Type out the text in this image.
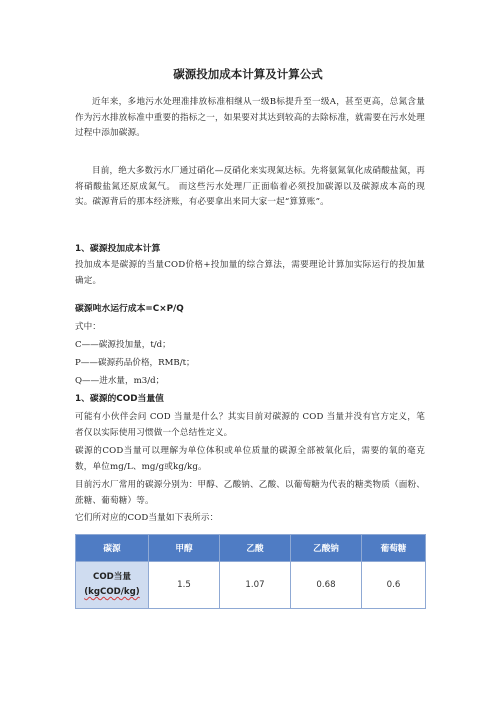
碳源投加成本计算及计算公式
近年来，多地污水处理准排放标准相继从一级B标提升至一级A，甚至更高，总氮含量作为污水排放标准中重要的指标之一，如果要对其达到较高的去除标准，就需要在污水处理过程中添加碳源。
目前，绝大多数污水厂通过硝化—反硝化来实现氮达标。先将氨氮氧化成硝酸盐氮，再将硝酸盐氮还原成氮气。 而这些污水处理厂正面临着必须投加碳源以及碳源成本高的现实。碳源背后的那本经济账，有必要拿出来同大家一起“算算账”。
1、碳源投加成本计算
投加成本是碳源的当量COD价格+投加量的综合算法，需要理论计算加实际运行的投加量确定。
碳源吨水运行成本=C×P/Q
式中：
C——碳源投加量，t/d；
P——碳源药品价格，RMB/t；
Q——进水量，m3/d；
1、碳源的COD当量值
可能有小伙伴会问 COD 当量是什么？其实目前对碳源的 COD 当量并没有官方定义，笔者仅以实际使用习惯做一个总结性定义。
碳源的COD当量可以理解为单位体积或单位质量的碳源全部被氧化后，需要的氧的毫克数，单位mg/L、mg/g或kg/kg。
目前污水厂常用的碳源分别为：甲醇、乙酸钠、乙酸、以葡萄糖为代表的糖类物质（面粉、蔗糖、葡萄糖）等。
它们所对应的COD当量如下表所示：
碳源	甲醇	乙酸	乙酸钠	葡萄糖

COD当量
(kgCOD/kg)	1.5	1.07	0.68	0.6
